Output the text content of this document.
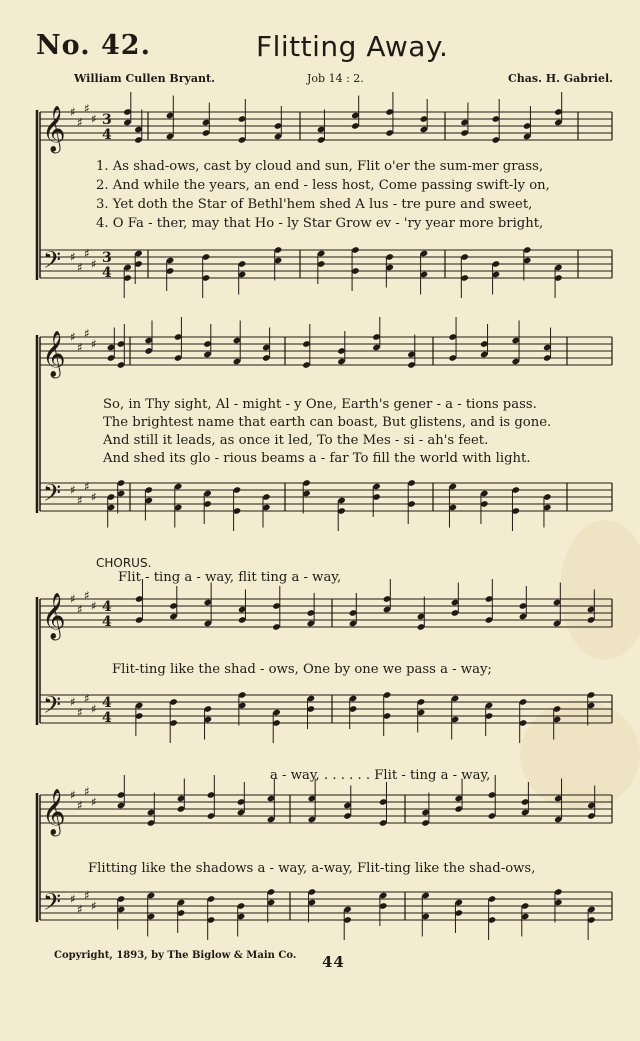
No. 42.	Flitting Away.
William Cullen Bryant.	Job 14 : 2.	Chas. H. Gabriel.
𝄞
𝄢
♯
♯
♯
♯
♯
♯
♯
♯
3
4
3
4
𝄞
𝄢
♯
♯
♯
♯
♯
♯
♯
♯
𝄞
𝄢
♯
♯
♯
♯
♯
♯
♯
♯
4
4
4
4
𝄞
𝄢
♯
♯
♯
♯
♯
♯
♯
♯
1. As shad-ows, cast by cloud and sun, Flit o'er the sum-mer grass,
2. And while the years, an end - less host, Come passing swift-ly on,
3. Yet doth the Star of Bethl'hem shed A lus - tre pure and sweet,
4. O Fa - ther, may that Ho - ly Star Grow ev - 'ry year more bright,
So, in Thy sight, Al - might - y One, Earth's gener - a - tions pass.
The brightest name that earth can boast, But glistens, and is gone.
And still it leads, as once it led, To the Mes - si - ah's feet.
And shed its glo - rious beams a - far To fill the world with light.
CHORUS.
Flit - ting a - way, flit ting a - way,
Flit-ting like the shad - ows, One by one we pass a - way;
a - way, . . . . . . Flit - ting a - way,
Flitting like the shadows a - way, a-way, Flit-ting like the shad-ows,
Copyright, 1893, by The Biglow & Main Co. 44
